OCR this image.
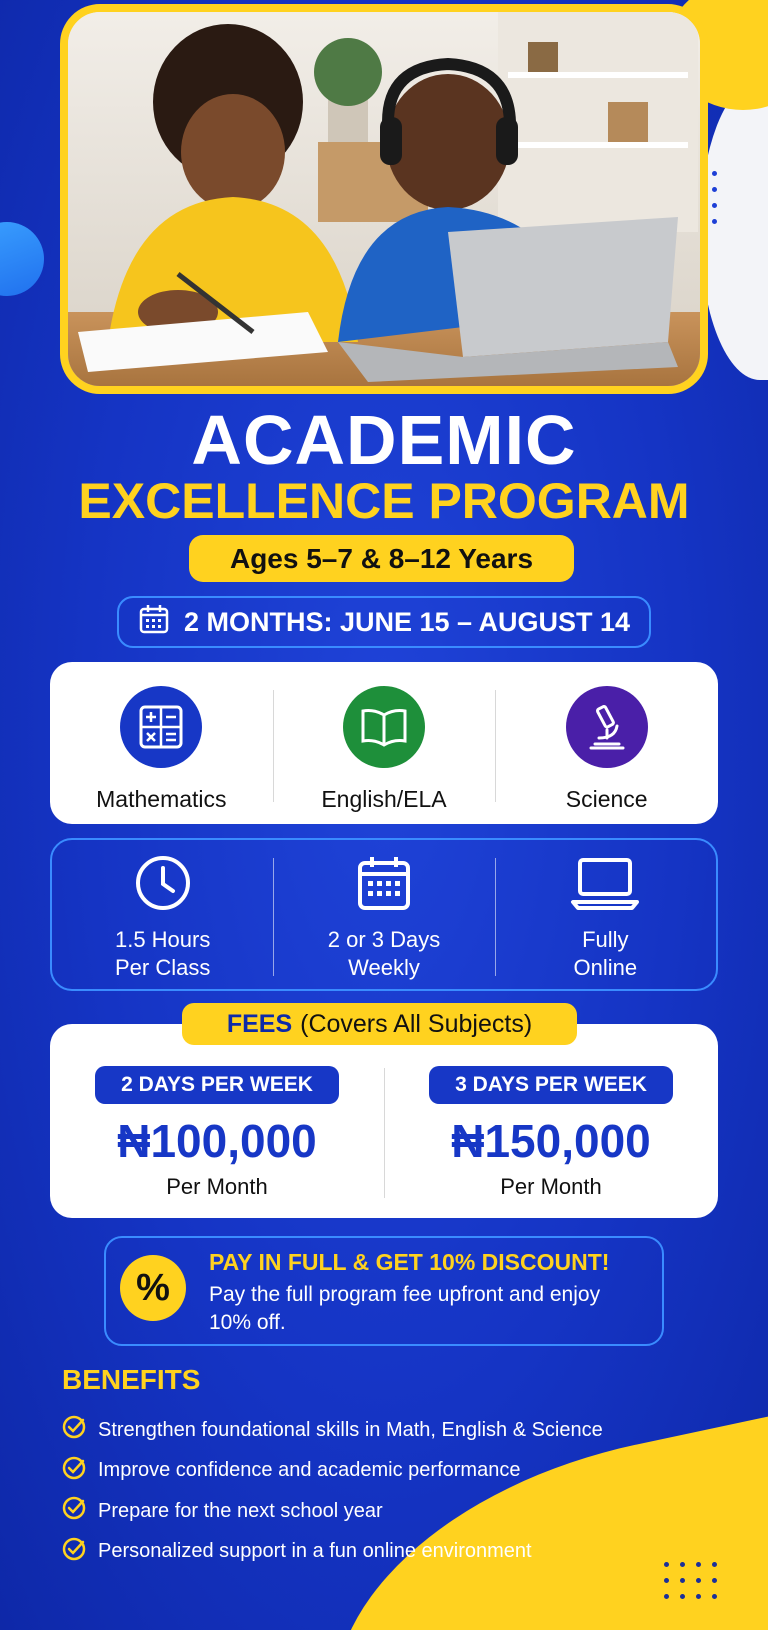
ACADEMIC
EXCELLENCE PROGRAM
Ages 5–7 & 8–12 Years
2 MONTHS: JUNE 15 – AUGUST 14
Mathematics	English/ELA	Science
1.5 Hours
Per Class
2 or 3 Days
Weekly
Fully
Online
2 DAYS PER WEEK
₦100,000
Per Month
3 DAYS PER WEEK
₦150,000
Per Month
FEES (Covers All Subjects)
%
PAY IN FULL & GET 10% DISCOUNT!
Pay the full program fee upfront and enjoy 10% off.
BENEFITS
Strengthen foundational skills in Math, English & Science
Improve confidence and academic performance
Prepare for the next school year
Personalized support in a fun online environment
